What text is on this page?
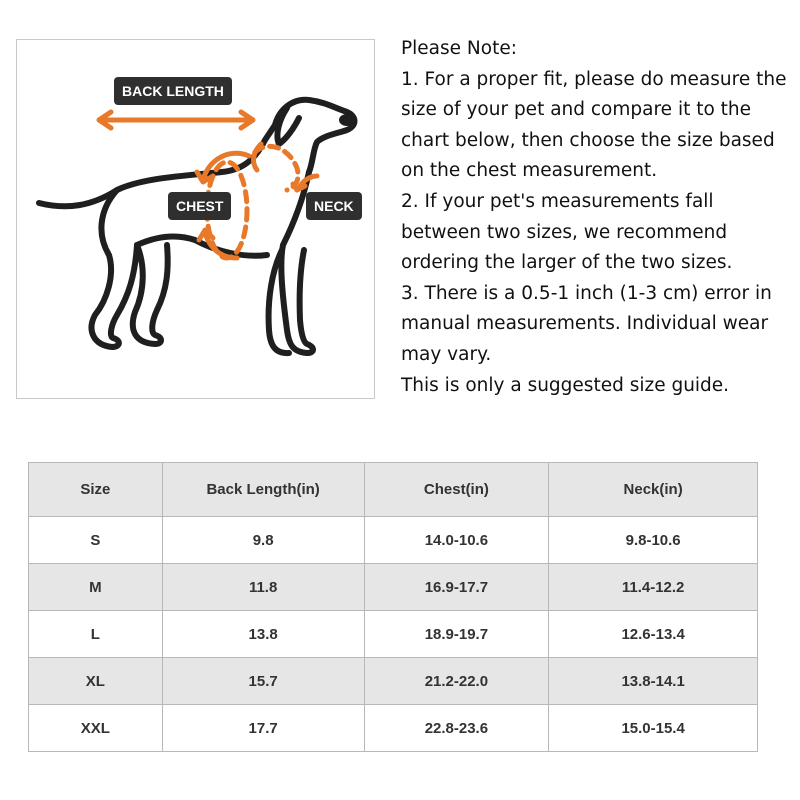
BACK LENGTH
CHEST	NECK
Please Note:
1. For a proper fit, please do measure the size of your pet and compare it to the chart below, then choose the size based on the chest measurement.
2. If your pet's measurements fall between two sizes, we recommend ordering the larger of the two sizes.
3. There is a 0.5-1 inch (1-3 cm) error in manual measurements. Individual wear may vary.
This is only a suggested size guide.
Size	Back Length(in)	Chest(in)	Neck(in)
S	9.8	14.0-10.6	9.8-10.6
M	11.8	16.9-17.7	11.4-12.2
L	13.8	18.9-19.7	12.6-13.4
XL	15.7	21.2-22.0	13.8-14.1
XXL	17.7	22.8-23.6	15.0-15.4
